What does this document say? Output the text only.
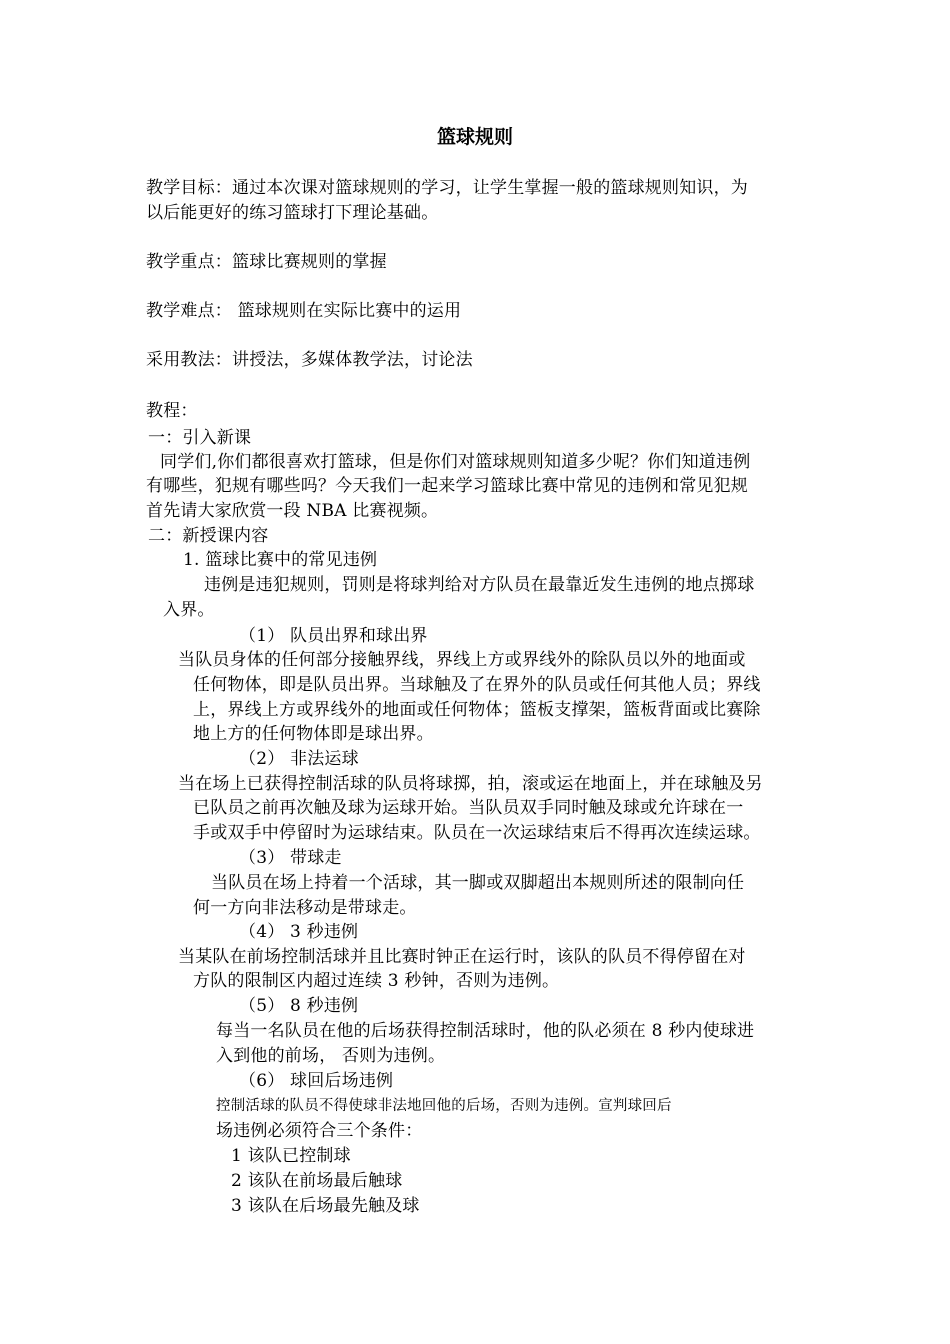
篮球规则
教学目标：通过本次课对篮球规则的学习，让学生掌握一般的篮球规则知识，为
以后能更好的练习篮球打下理论基础。
教学重点：篮球比赛规则的掌握
教学难点： 篮球规则在实际比赛中的运用
采用教法：讲授法，多媒体教学法，讨论法
教程：
一：引入新课
同学们,你们都很喜欢打篮球，但是你们对篮球规则知道多少呢？你们知道违例
有哪些，犯规有哪些吗？今天我们一起来学习篮球比赛中常见的违例和常见犯规
首先请大家欣赏一段 NBA 比赛视频。
二：新授课内容
1. 篮球比赛中的常见违例
违例是违犯规则，罚则是将球判给对方队员在最靠近发生违例的地点掷球
入界。
（1） 队员出界和球出界
当队员身体的任何部分接触界线，界线上方或界线外的除队员以外的地面或
任何物体，即是队员出界。当球触及了在界外的队员或任何其他人员；界线
上，界线上方或界线外的地面或任何物体；篮板支撑架，篮板背面或比赛除
地上方的任何物体即是球出界。
（2） 非法运球
当在场上已获得控制活球的队员将球掷，拍，滚或运在地面上，并在球触及另
已队员之前再次触及球为运球开始。当队员双手同时触及球或允许球在一
手或双手中停留时为运球结束。队员在一次运球结束后不得再次连续运球。
（3） 带球走
当队员在场上持着一个活球，其一脚或双脚超出本规则所述的限制向任
何一方向非法移动是带球走。
（4） 3 秒违例
当某队在前场控制活球并且比赛时钟正在运行时，该队的队员不得停留在对
方队的限制区内超过连续 3 秒钟，否则为违例。
（5） 8 秒违例
每当一名队员在他的后场获得控制活球时，他的队必须在 8 秒内使球进
入到他的前场， 否则为违例。
（6） 球回后场违例
控制活球的队员不得使球非法地回他的后场，否则为违例。宣判球回后
场违例必须符合三个条件：
1 该队已控制球
2 该队在前场最后触球
3 该队在后场最先触及球
